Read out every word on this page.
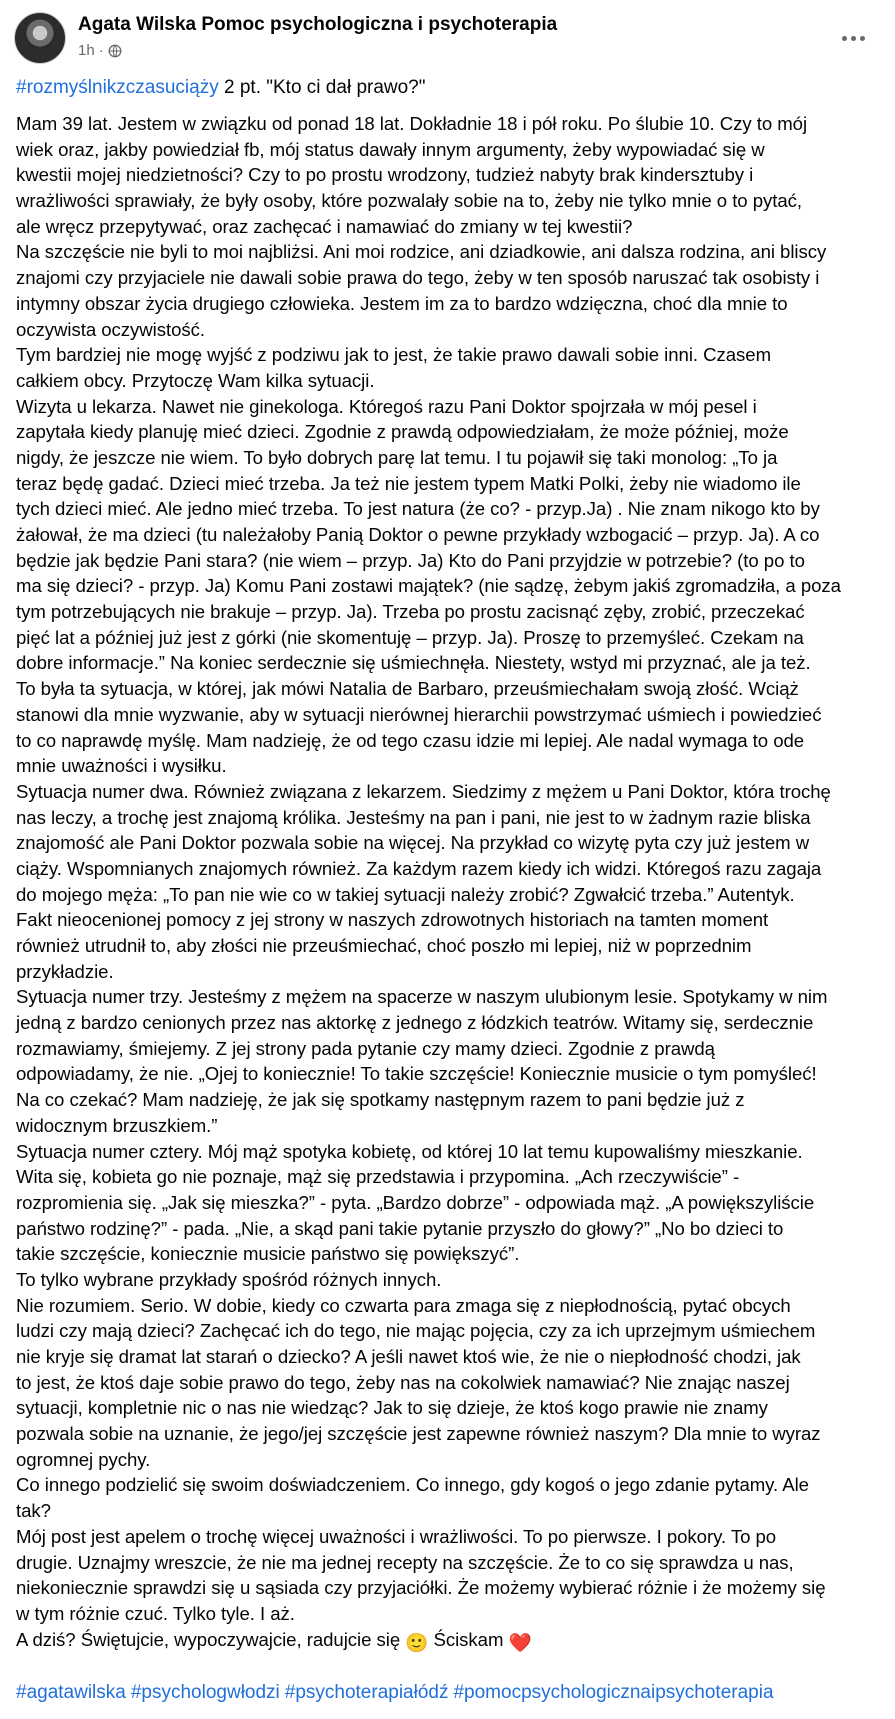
Agata Wilska Pomoc psychologiczna i psychoterapia
1h ·
#rozmyślnikzczasuciąży 2 pt. "Kto ci dał prawo?"
Mam 39 lat. Jestem w związku od ponad 18 lat. Dokładnie 18 i pół roku. Po ślubie 10. Czy to mój
wiek oraz, jakby powiedział fb, mój status dawały innym argumenty, żeby wypowiadać się w
kwestii mojej niedzietności? Czy to po prostu wrodzony, tudzież nabyty brak kindersztuby i
wrażliwości sprawiały, że były osoby, które pozwalały sobie na to, żeby nie tylko mnie o to pytać,
ale wręcz przepytywać, oraz zachęcać i namawiać do zmiany w tej kwestii?
Na szczęście nie byli to moi najbliżsi. Ani moi rodzice, ani dziadkowie, ani dalsza rodzina, ani bliscy
znajomi czy przyjaciele nie dawali sobie prawa do tego, żeby w ten sposób naruszać tak osobisty i
intymny obszar życia drugiego człowieka. Jestem im za to bardzo wdzięczna, choć dla mnie to
oczywista oczywistość.
Tym bardziej nie mogę wyjść z podziwu jak to jest, że takie prawo dawali sobie inni. Czasem
całkiem obcy. Przytoczę Wam kilka sytuacji.
Wizyta u lekarza. Nawet nie ginekologa. Któregoś razu Pani Doktor spojrzała w mój pesel i
zapytała kiedy planuję mieć dzieci. Zgodnie z prawdą odpowiedziałam, że może później, może
nigdy, że jeszcze nie wiem. To było dobrych parę lat temu. I tu pojawił się taki monolog: „To ja
teraz będę gadać. Dzieci mieć trzeba. Ja też nie jestem typem Matki Polki, żeby nie wiadomo ile
tych dzieci mieć. Ale jedno mieć trzeba. To jest natura (że co? - przyp.Ja) . Nie znam nikogo kto by
żałował, że ma dzieci (tu należałoby Panią Doktor o pewne przykłady wzbogacić – przyp. Ja). A co
będzie jak będzie Pani stara? (nie wiem – przyp. Ja) Kto do Pani przyjdzie w potrzebie? (to po to
ma się dzieci? - przyp. Ja) Komu Pani zostawi majątek? (nie sądzę, żebym jakiś zgromadziła, a poza
tym potrzebujących nie brakuje – przyp. Ja). Trzeba po prostu zacisnąć zęby, zrobić, przeczekać
pięć lat a później już jest z górki (nie skomentuję – przyp. Ja). Proszę to przemyśleć. Czekam na
dobre informacje.” Na koniec serdecznie się uśmiechnęła. Niestety, wstyd mi przyznać, ale ja też.
To była ta sytuacja, w której, jak mówi Natalia de Barbaro, przeuśmiechałam swoją złość. Wciąż
stanowi dla mnie wyzwanie, aby w sytuacji nierównej hierarchii powstrzymać uśmiech i powiedzieć
to co naprawdę myślę. Mam nadzieję, że od tego czasu idzie mi lepiej. Ale nadal wymaga to ode
mnie uważności i wysiłku.
Sytuacja numer dwa. Również związana z lekarzem. Siedzimy z mężem u Pani Doktor, która trochę
nas leczy, a trochę jest znajomą królika. Jesteśmy na pan i pani, nie jest to w żadnym razie bliska
znajomość ale Pani Doktor pozwala sobie na więcej. Na przykład co wizytę pyta czy już jestem w
ciąży. Wspomnianych znajomych również. Za każdym razem kiedy ich widzi. Któregoś razu zagaja
do mojego męża: „To pan nie wie co w takiej sytuacji należy zrobić? Zgwałcić trzeba.” Autentyk.
Fakt nieocenionej pomocy z jej strony w naszych zdrowotnych historiach na tamten moment
również utrudnił to, aby złości nie przeuśmiechać, choć poszło mi lepiej, niż w poprzednim
przykładzie.
Sytuacja numer trzy. Jesteśmy z mężem na spacerze w naszym ulubionym lesie. Spotykamy w nim
jedną z bardzo cenionych przez nas aktorkę z jednego z łódzkich teatrów. Witamy się, serdecznie
rozmawiamy, śmiejemy. Z jej strony pada pytanie czy mamy dzieci. Zgodnie z prawdą
odpowiadamy, że nie. „Ojej to koniecznie! To takie szczęście! Koniecznie musicie o tym pomyśleć!
Na co czekać? Mam nadzieję, że jak się spotkamy następnym razem to pani będzie już z
widocznym brzuszkiem.”
Sytuacja numer cztery. Mój mąż spotyka kobietę, od której 10 lat temu kupowaliśmy mieszkanie.
Wita się, kobieta go nie poznaje, mąż się przedstawia i przypomina. „Ach rzeczywiście” -
rozpromienia się. „Jak się mieszka?” - pyta. „Bardzo dobrze” - odpowiada mąż. „A powiększyliście
państwo rodzinę?” - pada. „Nie, a skąd pani takie pytanie przyszło do głowy?” „No bo dzieci to
takie szczęście, koniecznie musicie państwo się powiększyć”.
To tylko wybrane przykłady spośród różnych innych.
Nie rozumiem. Serio. W dobie, kiedy co czwarta para zmaga się z niepłodnością, pytać obcych
ludzi czy mają dzieci? Zachęcać ich do tego, nie mając pojęcia, czy za ich uprzejmym uśmiechem
nie kryje się dramat lat starań o dziecko? A jeśli nawet ktoś wie, że nie o niepłodność chodzi, jak
to jest, że ktoś daje sobie prawo do tego, żeby nas na cokolwiek namawiać? Nie znając naszej
sytuacji, kompletnie nic o nas nie wiedząc? Jak to się dzieje, że ktoś kogo prawie nie znamy
pozwala sobie na uznanie, że jego/jej szczęście jest zapewne również naszym? Dla mnie to wyraz
ogromnej pychy.
Co innego podzielić się swoim doświadczeniem. Co innego, gdy kogoś o jego zdanie pytamy. Ale
tak?
Mój post jest apelem o trochę więcej uważności i wrażliwości. To po pierwsze. I pokory. To po
drugie. Uznajmy wreszcie, że nie ma jednej recepty na szczęście. Że to co się sprawdza u nas,
niekoniecznie sprawdzi się u sąsiada czy przyjaciółki. Że możemy wybierać różnie i że możemy się
w tym różnie czuć. Tylko tyle. I aż.
A dziś? Świętujcie, wypoczywajcie, radujcie się 🙂 Ściskam ❤️
#agatawilska #psychologwłodzi #psychoterapiałódź #pomocpsychologicznaipsychoterapia
